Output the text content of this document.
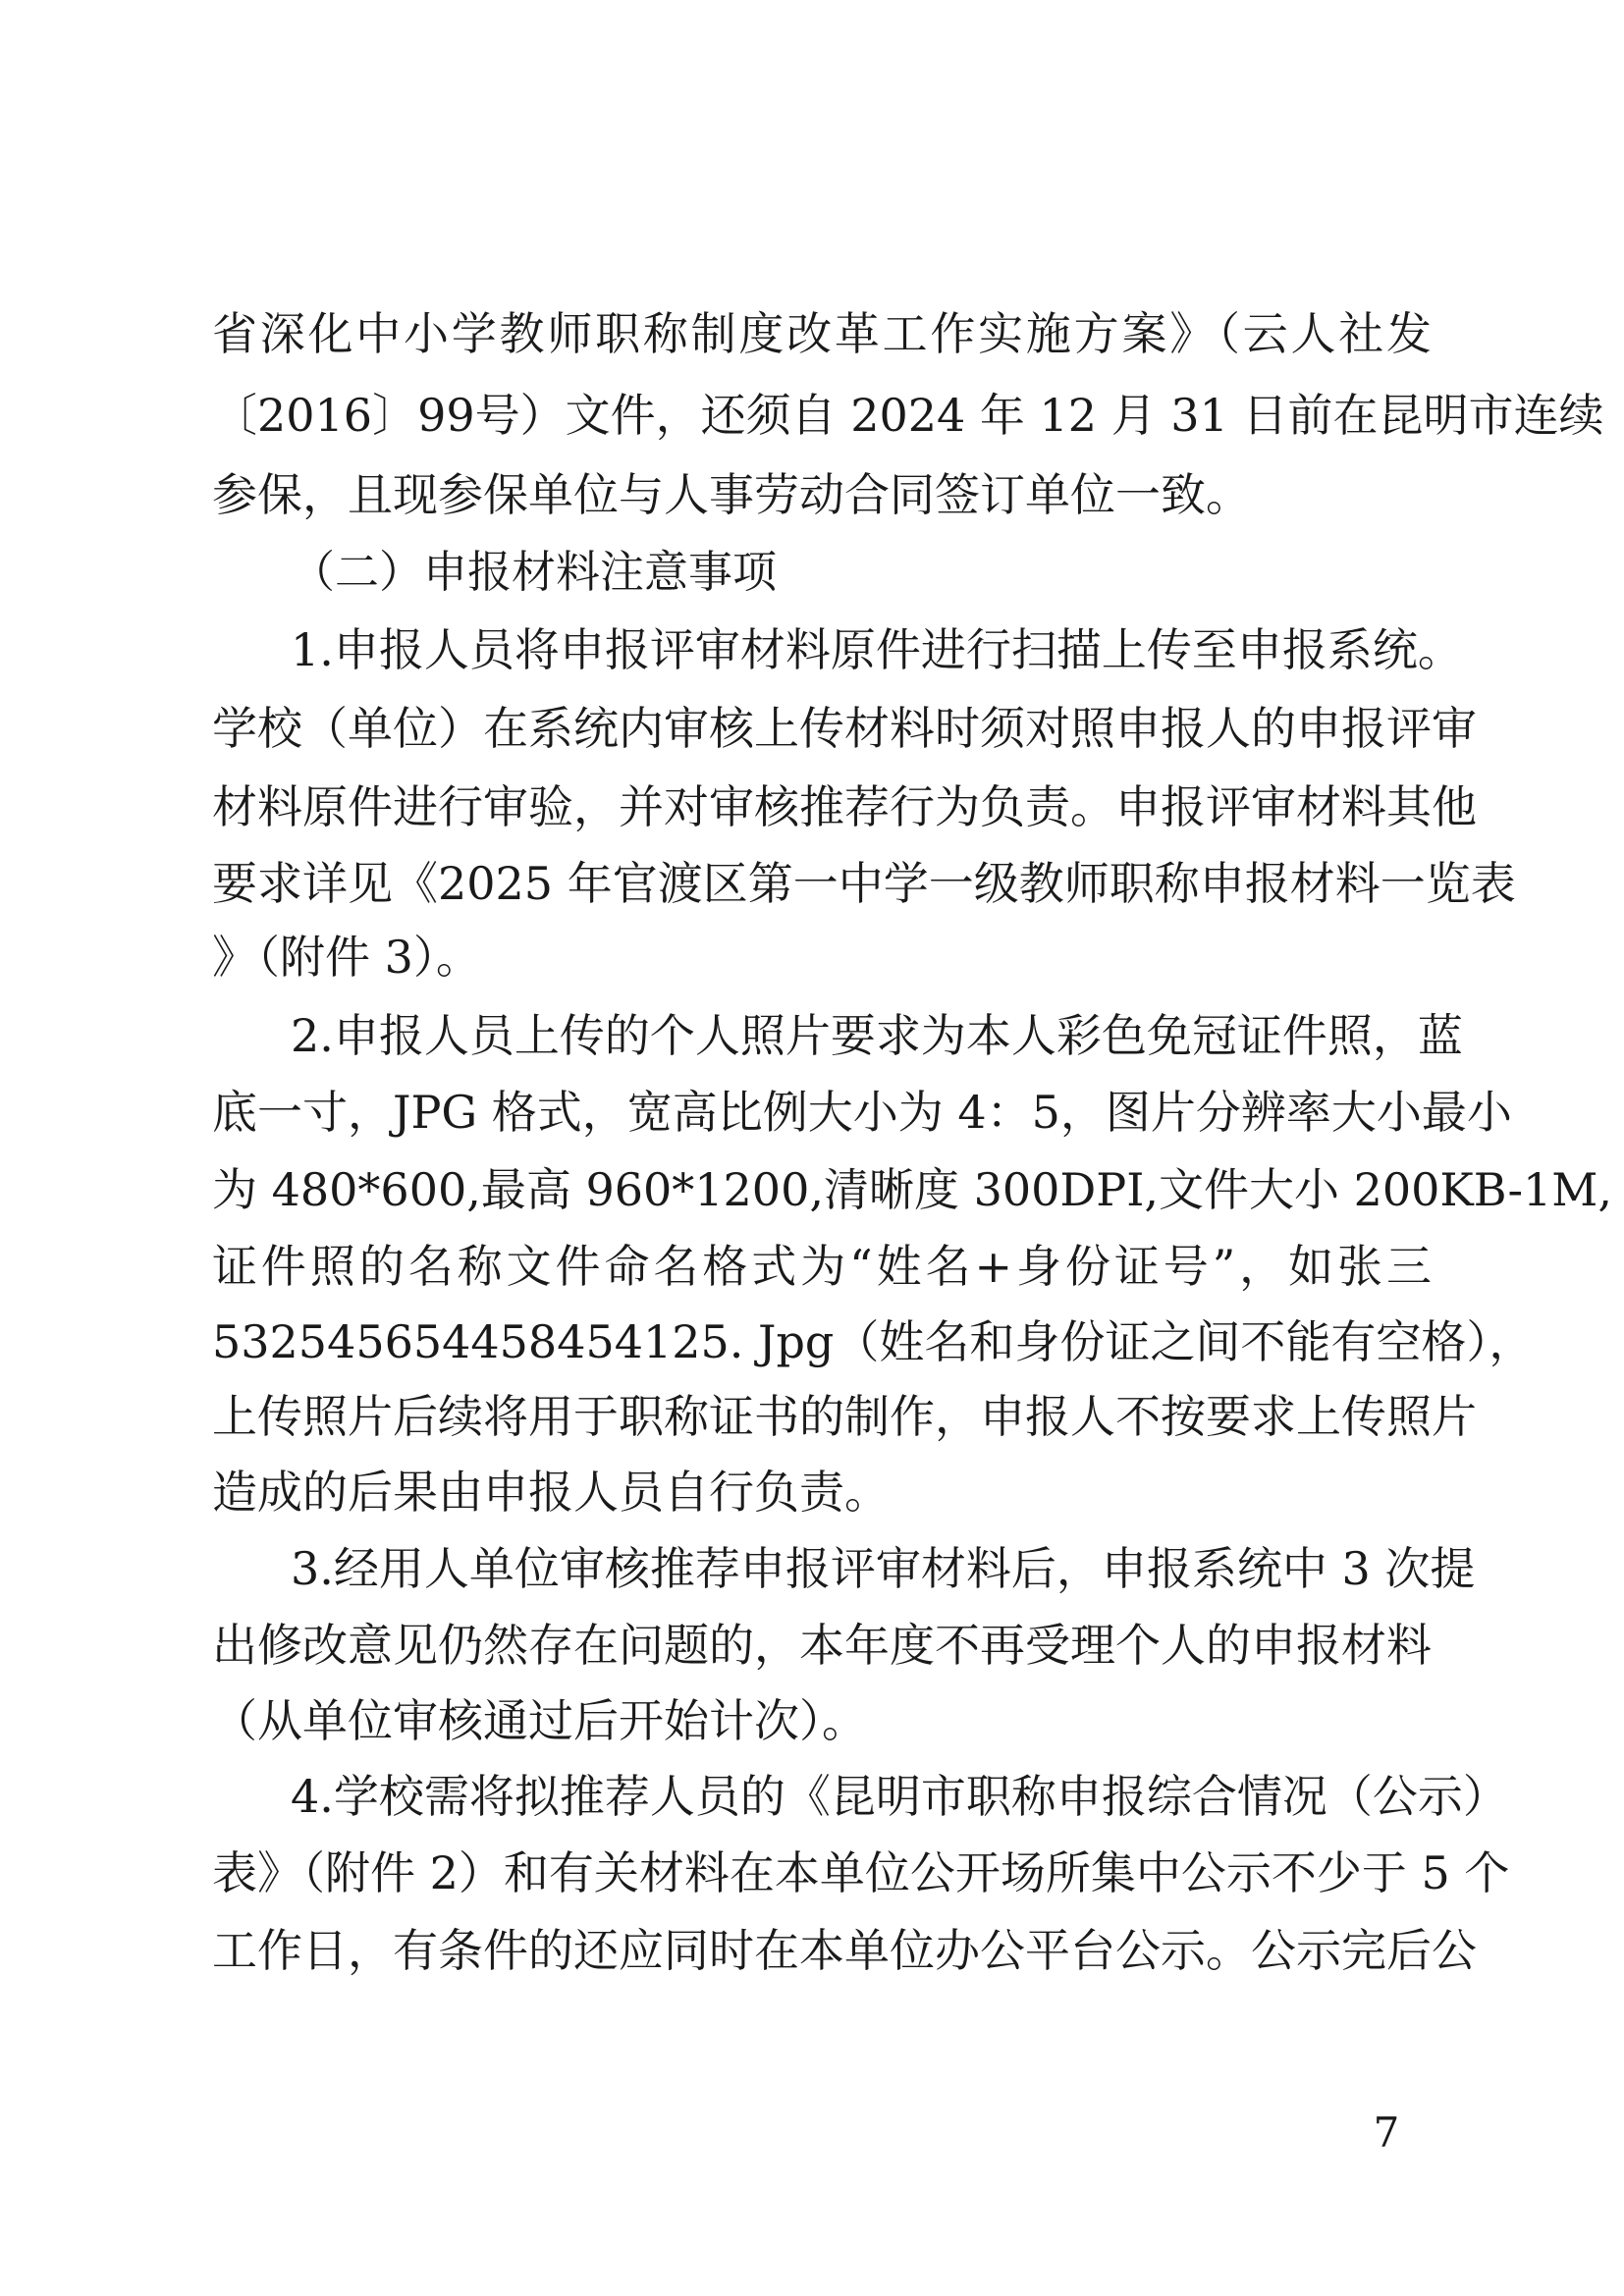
省深化中小学教师职称制度改革工作实施方案》（云人社发
〔2016〕99号）文件，还须自 2024 年 12 月 31 日前在昆明市连续
参保，且现参保单位与人事劳动合同签订单位一致。
（二）申报材料注意事项
1.申报人员将申报评审材料原件进行扫描上传至申报系统。
学校（单位）在系统内审核上传材料时须对照申报人的申报评审
材料原件进行审验，并对审核推荐行为负责。申报评审材料其他
要求详见《2025 年官渡区第一中学一级教师职称申报材料一览表
》（附件 3）。
2.申报人员上传的个人照片要求为本人彩色免冠证件照，蓝
底一寸，JPG 格式，宽高比例大小为 4：5，图片分辨率大小最小
为 480*600,最高 960*1200,清晰度 300DPI,文件大小 200KB-1M,
证件照的名称文件命名格式为“姓名+身份证号”，如张三
532545654458454125. Jpg（姓名和身份证之间不能有空格），
上传照片后续将用于职称证书的制作，申报人不按要求上传照片
造成的后果由申报人员自行负责。
3.经用人单位审核推荐申报评审材料后，申报系统中 3 次提
出修改意见仍然存在问题的，本年度不再受理个人的申报材料
（从单位审核通过后开始计次）。
4.学校需将拟推荐人员的《昆明市职称申报综合情况（公示）
表》（附件 2）和有关材料在本单位公开场所集中公示不少于 5 个
工作日，有条件的还应同时在本单位办公平台公示。公示完后公
7
